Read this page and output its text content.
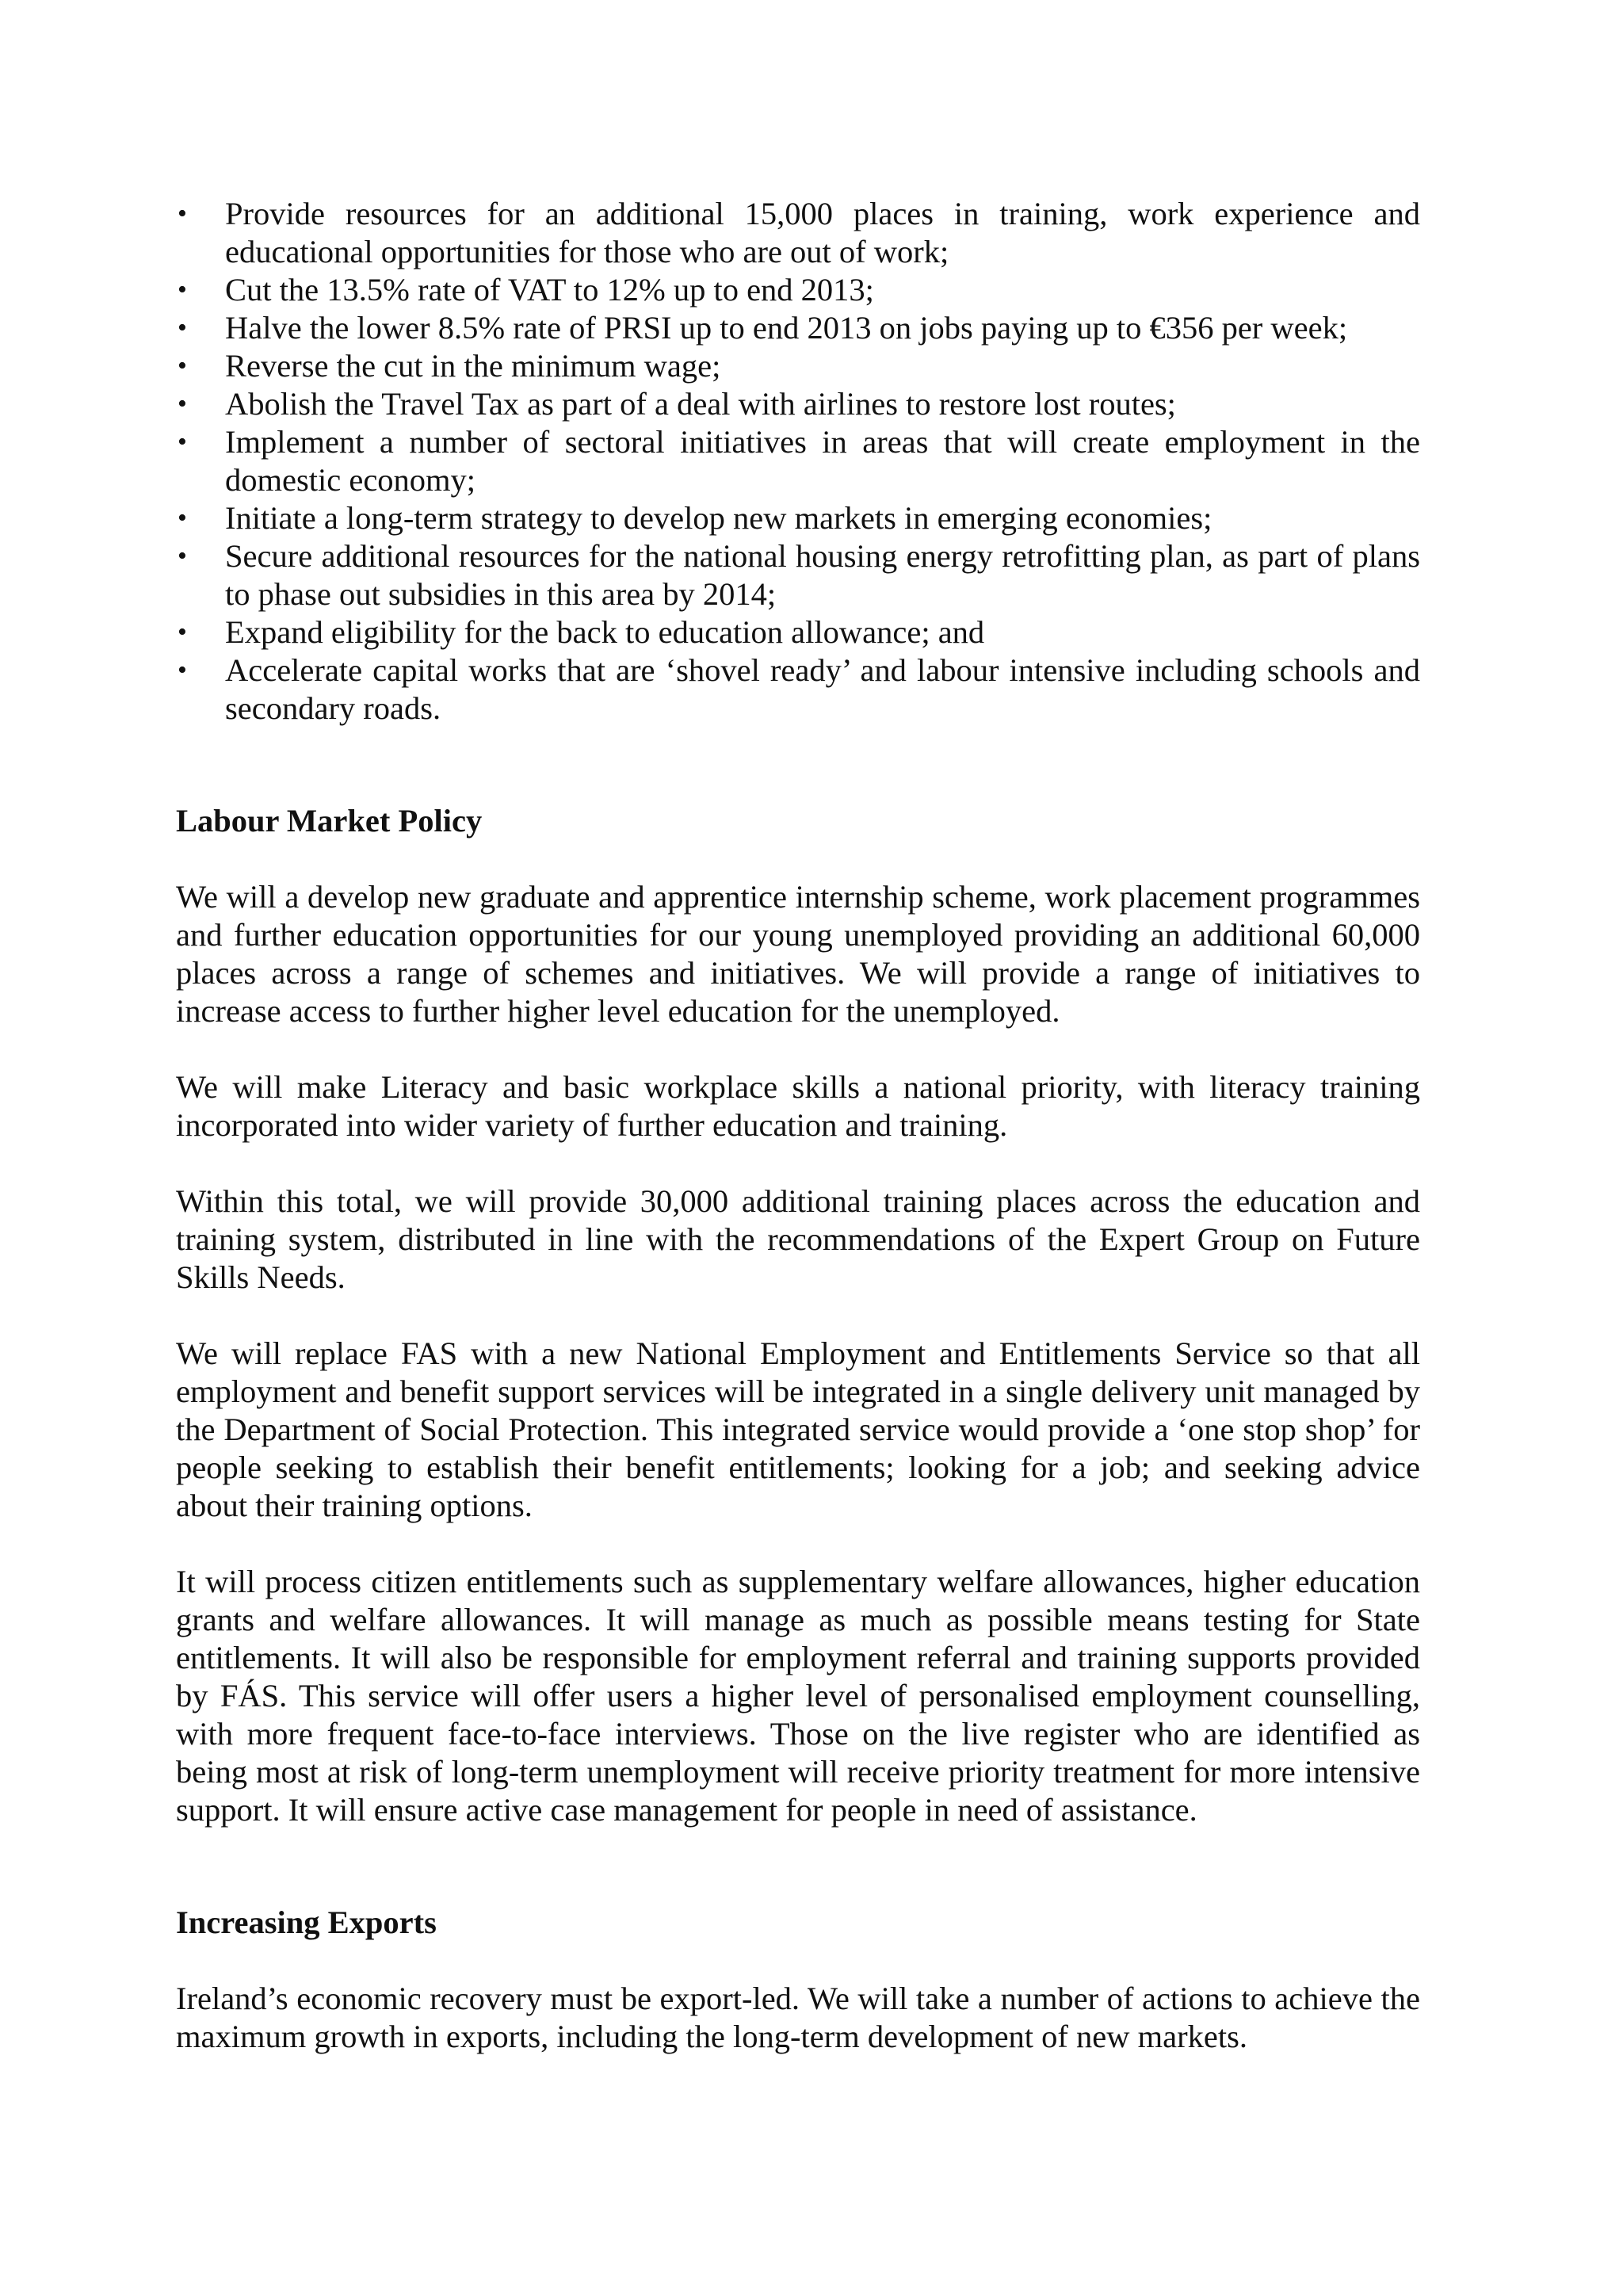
• Provide resources for an additional 15,000 places in training, work experience and educational opportunities for those who are out of work;
• Cut the 13.5% rate of VAT to 12% up to end 2013;
• Halve the lower 8.5% rate of PRSI up to end 2013 on jobs paying up to €356 per week;
• Reverse the cut in the minimum wage;
• Abolish the Travel Tax as part of a deal with airlines to restore lost routes;
• Implement a number of sectoral initiatives in areas that will create employment in the domestic economy;
• Initiate a long-term strategy to develop new markets in emerging economies;
• Secure additional resources for the national housing energy retrofitting plan, as part of plans to phase out subsidies in this area by 2014;
• Expand eligibility for the back to education allowance; and
• Accelerate capital works that are ‘shovel ready’ and labour intensive including schools and secondary roads.
Labour Market Policy

We will a develop new graduate and apprentice internship scheme, work placement programmes and further education opportunities for our young unemployed providing an additional 60,000 places across a range of schemes and initiatives. We will provide a range of initiatives to increase access to further higher level education for the unemployed.

We will make Literacy and basic workplace skills a national priority, with literacy training incorporated into wider variety of further education and training.

Within this total, we will provide 30,000 additional training places across the education and training system, distributed in line with the recommendations of the Expert Group on Future Skills Needs.

We will replace FAS with a new National Employment and Entitlements Service so that all employment and benefit support services will be integrated in a single delivery unit managed by the Department of Social Protection. This integrated service would provide a ‘one stop shop’ for people seeking to establish their benefit entitlements; looking for a job; and seeking advice about their training options.

It will process citizen entitlements such as supplementary welfare allowances, higher education grants and welfare allowances. It will manage as much as possible means testing for State entitlements. It will also be responsible for employment referral and training supports provided by FÁS. This service will offer users a higher level of personalised employment counselling, with more frequent face-to-face interviews. Those on the live register who are identified as being most at risk of long-term unemployment will receive priority treatment for more intensive support. It will ensure active case management for people in need of assistance.

Increasing Exports

Ireland’s economic recovery must be export-led. We will take a number of actions to achieve the maximum growth in exports, including the long-term development of new markets.
